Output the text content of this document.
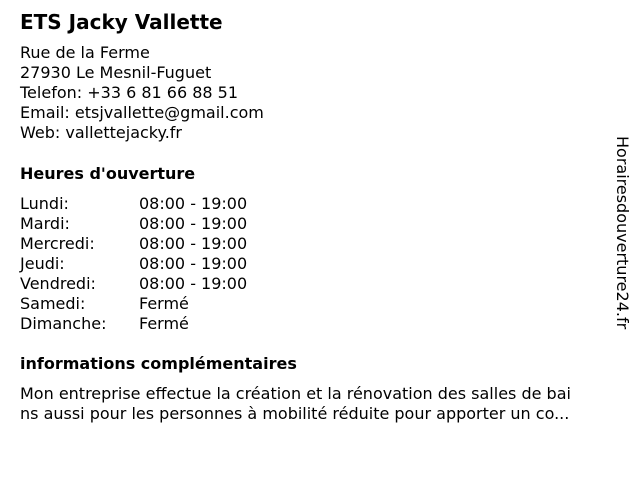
ETS Jacky Vallette
Rue de la Ferme
27930 Le Mesnil-Fuguet
Telefon: +33 6 81 66 88 51
Email: etsjvallette@gmail.com
Web: vallettejacky.fr
Heures d'ouverture
Lundi:	08:00 - 19:00
Mardi:	08:00 - 19:00
Mercredi:	08:00 - 19:00
Jeudi:	08:00 - 19:00
Vendredi:	08:00 - 19:00
Samedi:	Fermé
Dimanche: Fermé
informations complémentaires
Mon entreprise effectue la création et la rénovation des salles de bai
ns aussi pour les personnes à mobilité réduite pour apporter un co...
Horairesdouverture24.fr
